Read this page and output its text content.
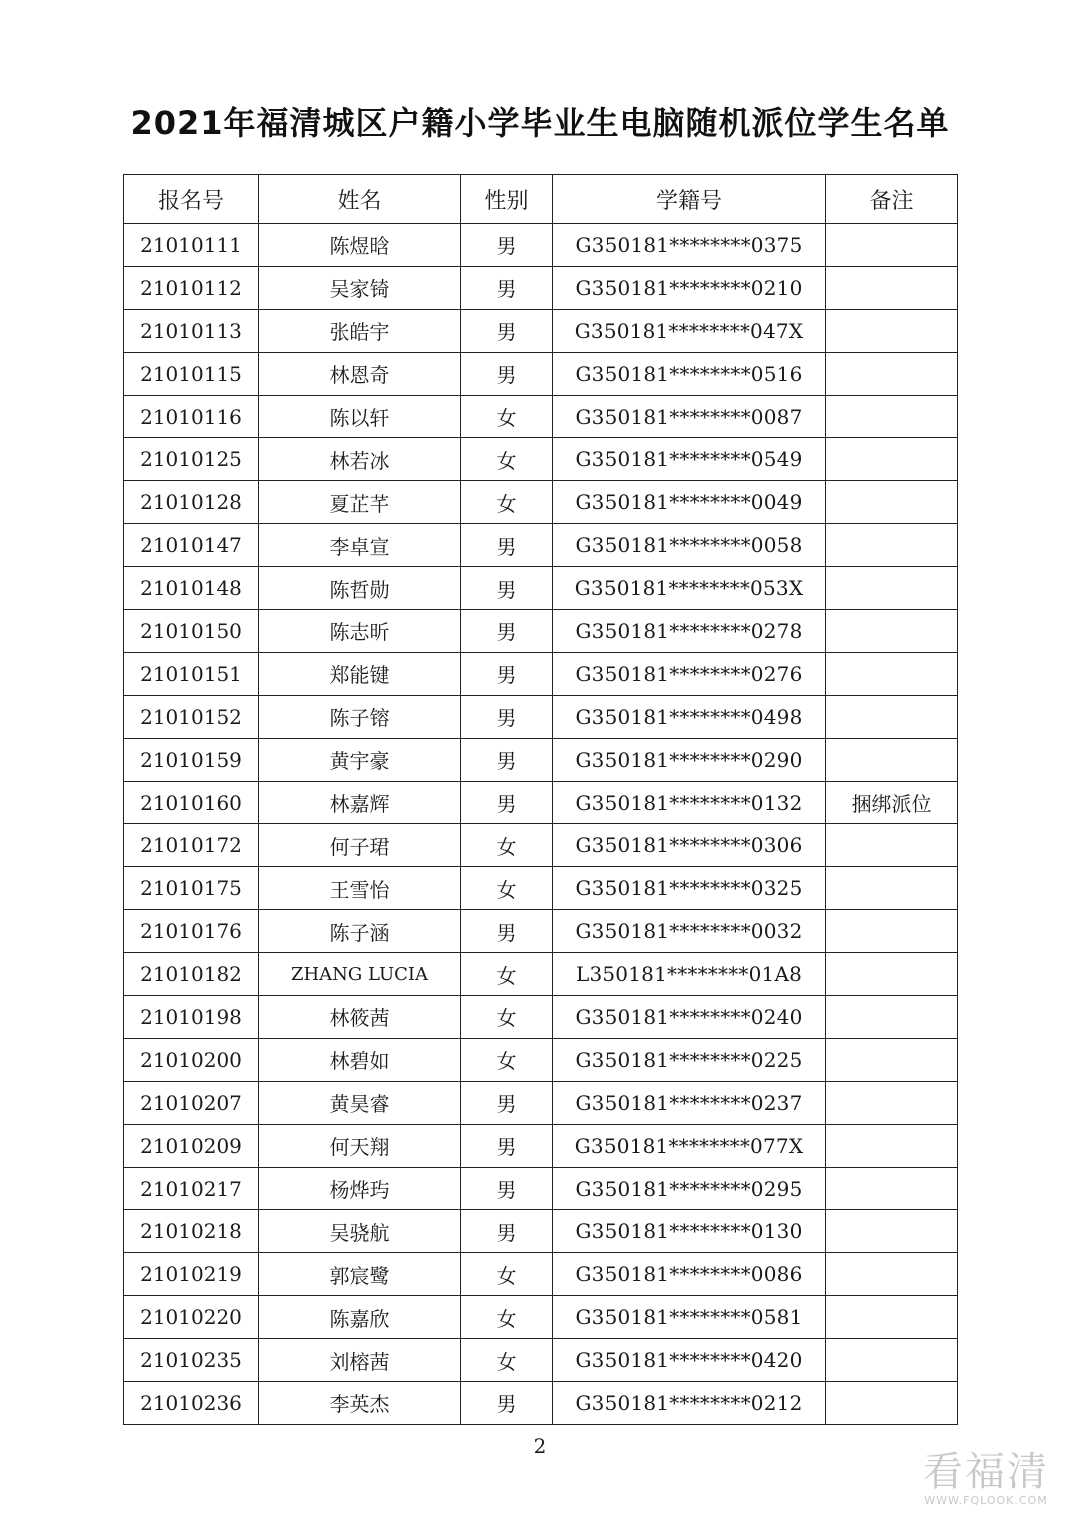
2021年福清城区户籍小学毕业生电脑随机派位学生名单
报名号	姓名	性别	学籍号	备注
21010111	陈煜晗	男	G350181********0375	
21010112	吴家锜	男	G350181********0210	
21010113	张皓宇	男	G350181********047X	
21010115	林恩奇	男	G350181********0516	
21010116	陈以轩	女	G350181********0087	
21010125	林若冰	女	G350181********0549	
21010128	夏芷芊	女	G350181********0049	
21010147	李卓宣	男	G350181********0058	
21010148	陈哲勋	男	G350181********053X	
21010150	陈志昕	男	G350181********0278	
21010151	郑能键	男	G350181********0276	
21010152	陈子镕	男	G350181********0498	
21010159	黄宇豪	男	G350181********0290	
21010160	林嘉辉	男	G350181********0132	捆绑派位
21010172	何子珺	女	G350181********0306	
21010175	王雪怡	女	G350181********0325	
21010176	陈子涵	男	G350181********0032	
21010182	ZHANG LUCIA	女	L350181********01A8	
21010198	林筱茜	女	G350181********0240	
21010200	林碧如	女	G350181********0225	
21010207	黄昊睿	男	G350181********0237	
21010209	何天翔	男	G350181********077X	
21010217	杨烨玙	男	G350181********0295	
21010218	吴骁航	男	G350181********0130	
21010219	郭宸鹭	女	G350181********0086	
21010220	陈嘉欣	女	G350181********0581	
21010235	刘榕茜	女	G350181********0420	
21010236	李英杰	男	G350181********0212	
2
看福清
WWW.FQLOOK.COM
